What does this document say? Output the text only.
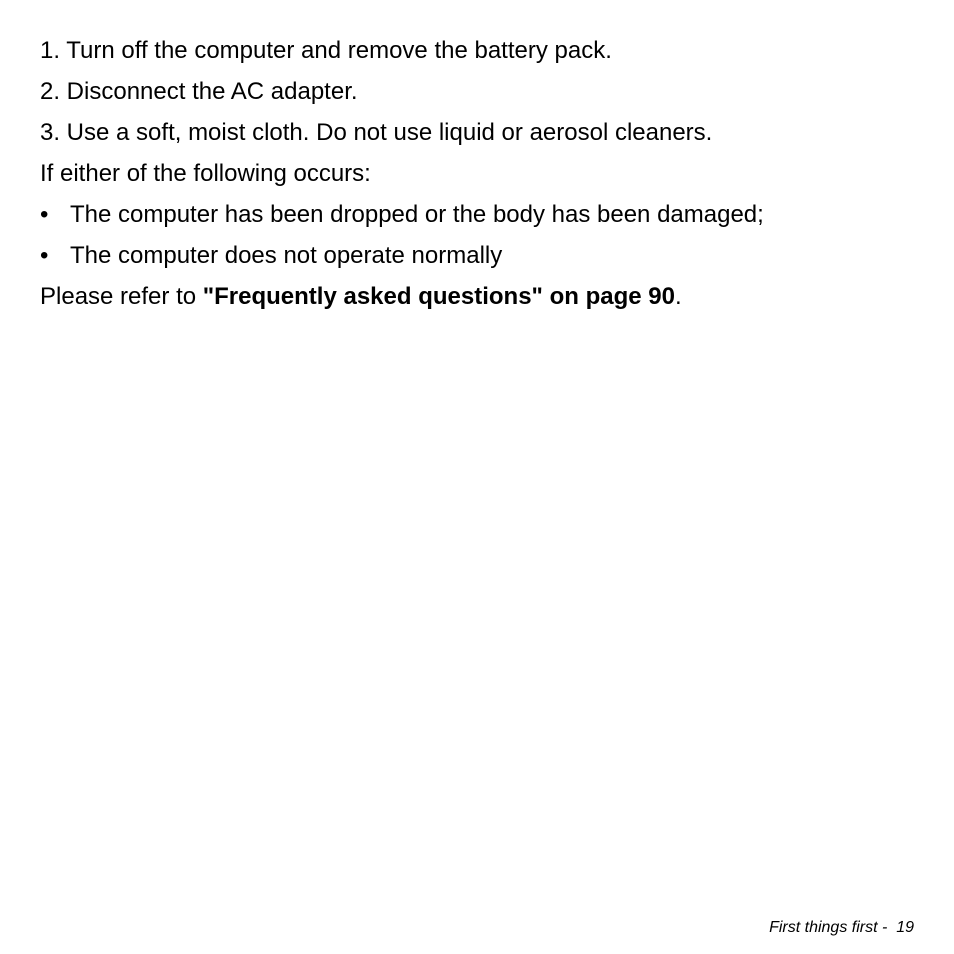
1. Turn off the computer and remove the battery pack.
2. Disconnect the AC adapter.
3. Use a soft, moist cloth. Do not use liquid or aerosol cleaners.
If either of the following occurs:
• The computer has been dropped or the body has been damaged;
• The computer does not operate normally
Please refer to "Frequently asked questions" on page 90.
First things first - 19
